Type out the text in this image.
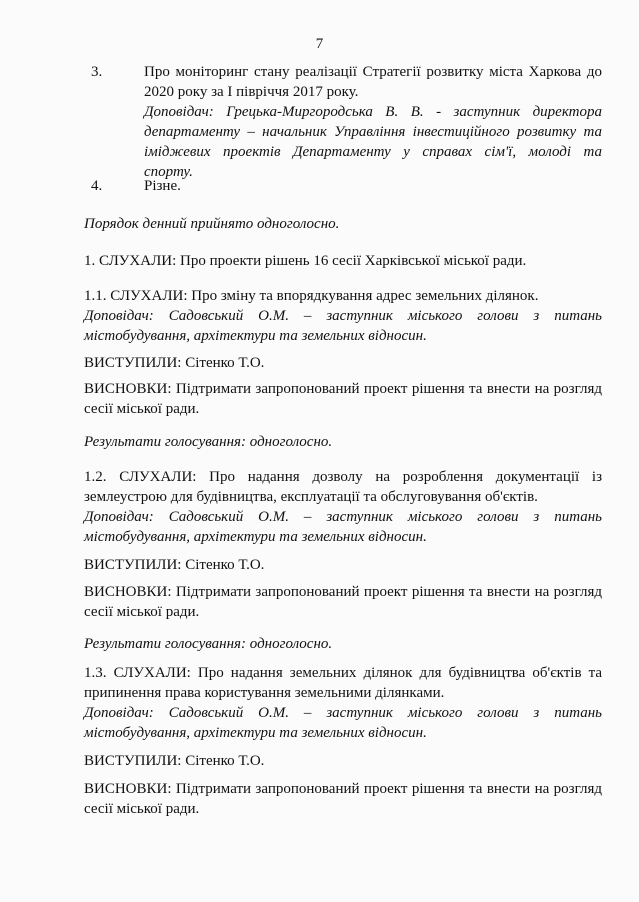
7
3.	Про моніторинг стану реалізації Стратегії розвитку міста Харкова до

2020 року за І півріччя 2017 року.

Доповідач: Грецька-Миргородська В. В. - заступник директора

департаменту – начальник Управління інвестиційного розвитку та

іміджевих проектів Департаменту у справах сім'ї, молоді та

спорту.

4.	Різне.
Порядок денний прийнято одноголосно.
1. СЛУХАЛИ: Про проекти рішень 16 сесії Харківської міської ради.

1.1. СЛУХАЛИ: Про зміну та впорядкування адрес земельних ділянок.

Доповідач: Садовський О.М. – заступник міського голови з питань

містобудування, архітектури та земельних відносин.

ВИСТУПИЛИ: Сітенко Т.О.

ВИСНОВКИ: Підтримати запропонований проект рішення та внести на розгляд

сесії міської ради.

Результати голосування: одноголосно.

1.2. СЛУХАЛИ: Про надання дозволу на розроблення документації із

землеустрою для будівництва, експлуатації та обслуговування об'єктів.

Доповідач: Садовський О.М. – заступник міського голови з питань

містобудування, архітектури та земельних відносин.

ВИСТУПИЛИ: Сітенко Т.О.

ВИСНОВКИ: Підтримати запропонований проект рішення та внести на розгляд

сесії міської ради.

Результати голосування: одноголосно.

1.3. СЛУХАЛИ: Про надання земельних ділянок для будівництва об'єктів та

припинення права користування земельними ділянками.

Доповідач: Садовський О.М. – заступник міського голови з питань

містобудування, архітектури та земельних відносин.

ВИСТУПИЛИ: Сітенко Т.О.

ВИСНОВКИ: Підтримати запропонований проект рішення та внести на розгляд

сесії міської ради.
